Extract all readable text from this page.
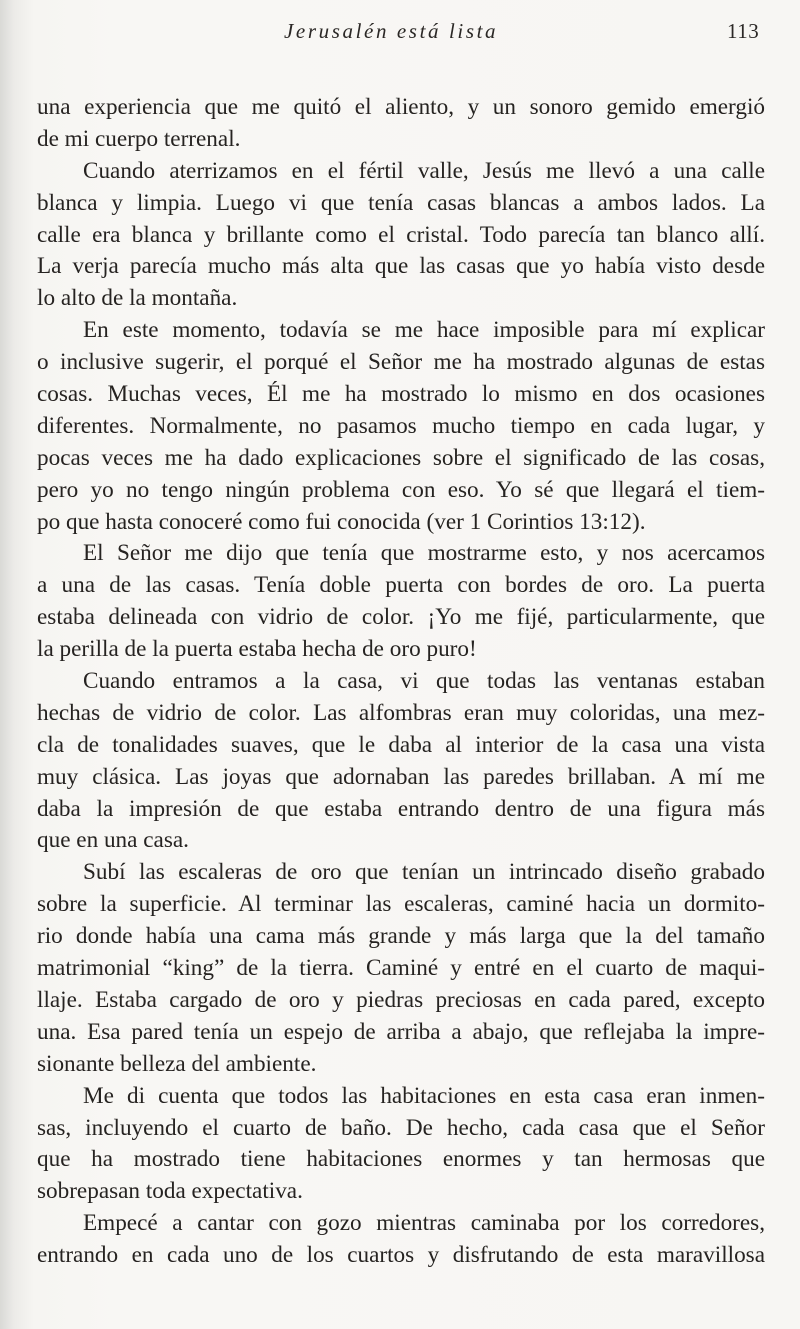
Jerusalén está lista	113
una experiencia que me quitó el aliento, y un sonoro gemido emergió
de mi cuerpo terrenal.
Cuando aterrizamos en el fértil valle, Jesús me llevó a una calle
blanca y limpia. Luego vi que tenía casas blancas a ambos lados. La
calle era blanca y brillante como el cristal. Todo parecía tan blanco allí.
La verja parecía mucho más alta que las casas que yo había visto desde
lo alto de la montaña.
En este momento, todavía se me hace imposible para mí explicar
o inclusive sugerir, el porqué el Señor me ha mostrado algunas de estas
cosas. Muchas veces, Él me ha mostrado lo mismo en dos ocasiones
diferentes. Normalmente, no pasamos mucho tiempo en cada lugar, y
pocas veces me ha dado explicaciones sobre el significado de las cosas,
pero yo no tengo ningún problema con eso. Yo sé que llegará el tiem-
po que hasta conoceré como fui conocida (ver 1 Corintios 13:12).
El Señor me dijo que tenía que mostrarme esto, y nos acercamos
a una de las casas. Tenía doble puerta con bordes de oro. La puerta
estaba delineada con vidrio de color. ¡Yo me fijé, particularmente, que
la perilla de la puerta estaba hecha de oro puro!
Cuando entramos a la casa, vi que todas las ventanas estaban
hechas de vidrio de color. Las alfombras eran muy coloridas, una mez-
cla de tonalidades suaves, que le daba al interior de la casa una vista
muy clásica. Las joyas que adornaban las paredes brillaban. A mí me
daba la impresión de que estaba entrando dentro de una figura más
que en una casa.
Subí las escaleras de oro que tenían un intrincado diseño grabado
sobre la superficie. Al terminar las escaleras, caminé hacia un dormito-
rio donde había una cama más grande y más larga que la del tamaño
matrimonial “king” de la tierra. Caminé y entré en el cuarto de maqui-
llaje. Estaba cargado de oro y piedras preciosas en cada pared, excepto
una. Esa pared tenía un espejo de arriba a abajo, que reflejaba la impre-
sionante belleza del ambiente.
Me di cuenta que todos las habitaciones en esta casa eran inmen-
sas, incluyendo el cuarto de baño. De hecho, cada casa que el Señor
que ha mostrado tiene habitaciones enormes y tan hermosas que
sobrepasan toda expectativa.
Empecé a cantar con gozo mientras caminaba por los corredores,
entrando en cada uno de los cuartos y disfrutando de esta maravillosa
